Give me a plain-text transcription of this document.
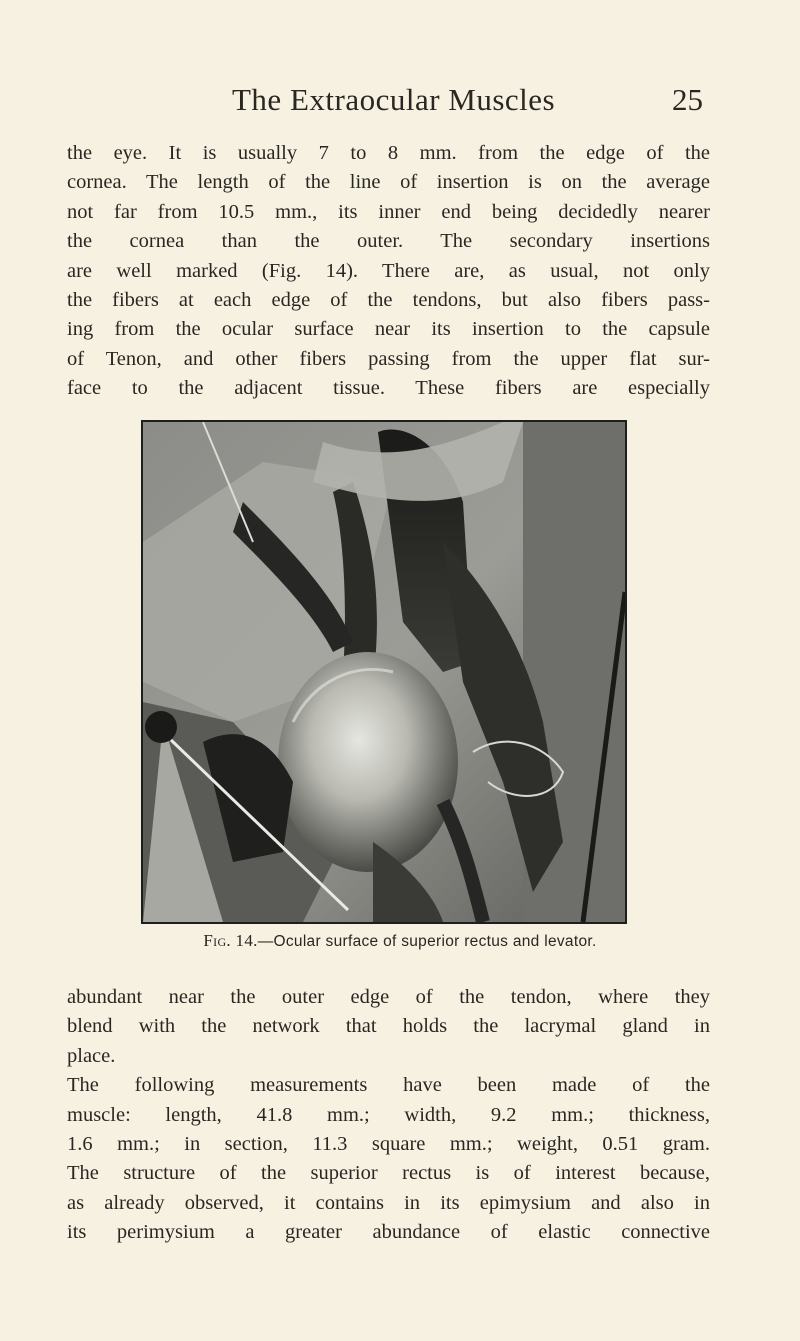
The Extraocular Muscles	25
the eye. It is usually 7 to 8 mm. from the edge of the
cornea. The length of the line of insertion is on the average
not far from 10.5 mm., its inner end being decidedly nearer
the cornea than the outer. The secondary insertions
are well marked (Fig. 14). There are, as usual, not only
the fibers at each edge of the tendons, but also fibers pass-
ing from the ocular surface near its insertion to the capsule
of Tenon, and other fibers passing from the upper flat sur-
face to the adjacent tissue. These fibers are especially
Fig. 14.—Ocular surface of superior rectus and levator.
abundant near the outer edge of the tendon, where they
blend with the network that holds the lacrymal gland in
place.
The following measurements have been made of the
muscle: length, 41.8 mm.; width, 9.2 mm.; thickness,
1.6 mm.; in section, 11.3 square mm.; weight, 0.51 gram.
The structure of the superior rectus is of interest because,
as already observed, it contains in its epimysium and also in
its perimysium a greater abundance of elastic connective
